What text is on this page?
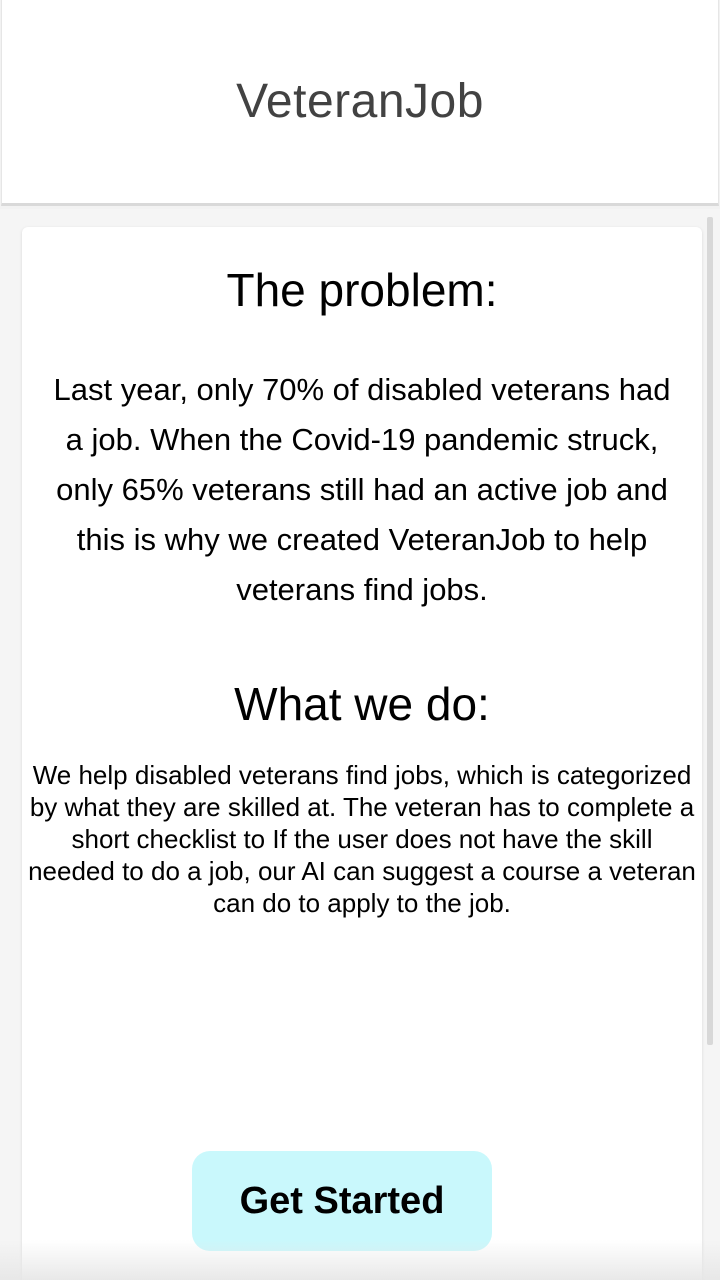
VeteranJob
The problem:

Last year, only 70% of disabled veterans had a job. When the Covid-19 pandemic struck, only 65% veterans still had an active job and this is why we created VeteranJob to help veterans find jobs.

What we do:

We help disabled veterans find jobs, which is categorized by what they are skilled at. The veteran has to complete a short checklist to If the user does not have the skill needed to do a job, our AI can suggest a course a veteran can do to apply to the job.

Get Started
